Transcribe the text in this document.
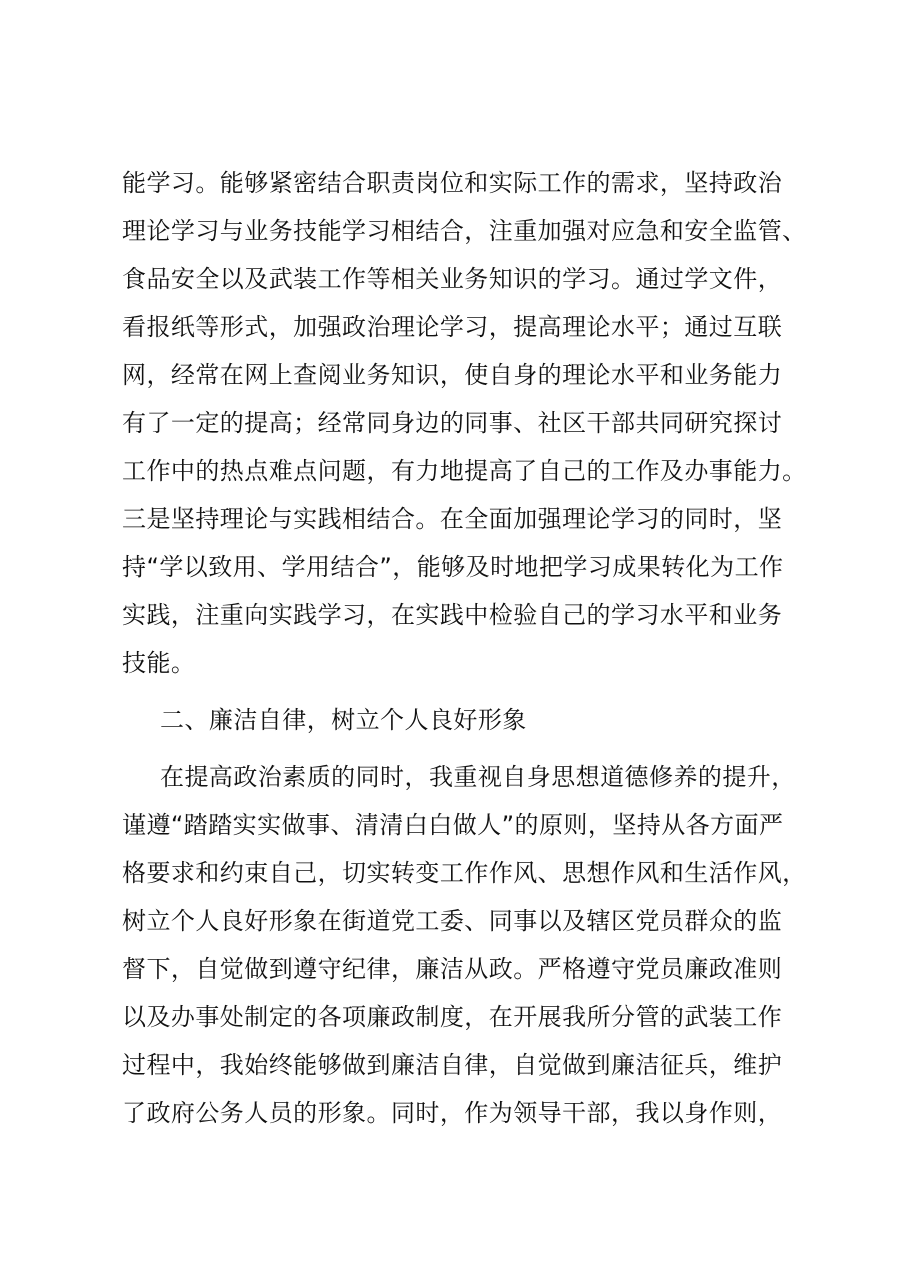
能学习。能够紧密结合职责岗位和实际工作的需求，坚持政治
理论学习与业务技能学习相结合，注重加强对应急和安全监管、
食品安全以及武装工作等相关业务知识的学习。通过学文件，
看报纸等形式，加强政治理论学习，提高理论水平；通过互联
网，经常在网上查阅业务知识，使自身的理论水平和业务能力
有了一定的提高；经常同身边的同事、社区干部共同研究探讨
工作中的热点难点问题，有力地提高了自己的工作及办事能力。
三是坚持理论与实践相结合。在全面加强理论学习的同时，坚
持“学以致用、学用结合”，能够及时地把学习成果转化为工作
实践，注重向实践学习，在实践中检验自己的学习水平和业务
技能。
二、廉洁自律，树立个人良好形象
在提高政治素质的同时，我重视自身思想道德修养的提升，
谨遵“踏踏实实做事、清清白白做人”的原则，坚持从各方面严
格要求和约束自己，切实转变工作作风、思想作风和生活作风，
树立个人良好形象在街道党工委、同事以及辖区党员群众的监
督下，自觉做到遵守纪律，廉洁从政。严格遵守党员廉政准则
以及办事处制定的各项廉政制度，在开展我所分管的武装工作
过程中，我始终能够做到廉洁自律，自觉做到廉洁征兵，维护
了政府公务人员的形象。同时，作为领导干部，我以身作则，
